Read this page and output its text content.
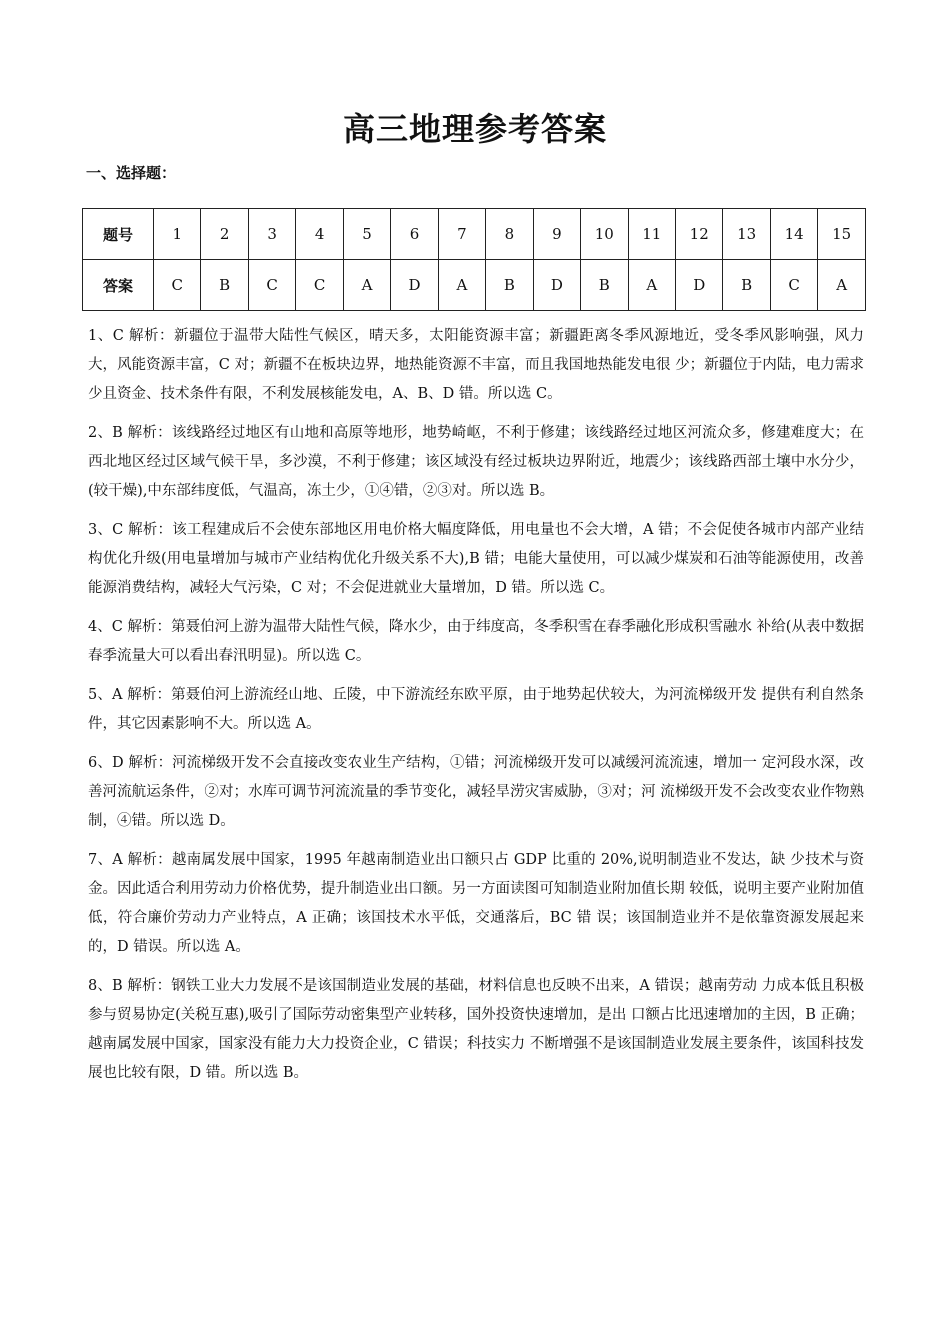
高三地理参考答案
一、选择题：
题号	1	2	3	4	5	6	7	8	9	10	11	12	13	14	15
答案	C	B	C	C	A	D	A	B	D	B	A	D	B	C	A

1、C 解析：新疆位于温带大陆性气候区，晴天多，太阳能资源丰富；新疆距离冬季风源地近，受冬季风影响强，风力大，风能资源丰富，C 对；新疆不在板块边界，地热能资源不丰富，而且我国地热能发电很 少；新疆位于内陆，电力需求少且资金、技术条件有限，不利发展核能发电，A、B、D 错。所以选 C。

2、B 解析：该线路经过地区有山地和高原等地形，地势崎岖，不利于修建；该线路经过地区河流众多，修建难度大；在西北地区经过区域气候干旱，多沙漠，不利于修建；该区域没有经过板块边界附近，地震少；该线路西部土壤中水分少，(较干燥),中东部纬度低，气温高，冻土少，①④错，②③对。所以选 B。

3、C 解析：该工程建成后不会使东部地区用电价格大幅度降低，用电量也不会大增，A 错；不会促使各城市内部产业结构优化升级(用电量增加与城市产业结构优化升级关系不大),B 错；电能大量使用，可以减少煤炭和石油等能源使用，改善能源消费结构，减轻大气污染，C 对；不会促进就业大量增加，D 错。所以选 C。

4、C 解析：第聂伯河上游为温带大陆性气候，降水少，由于纬度高，冬季积雪在春季融化形成积雪融水 补给(从表中数据春季流量大可以看出春汛明显)。所以选 C。

5、A 解析：第聂伯河上游流经山地、丘陵，中下游流经东欧平原，由于地势起伏较大，为河流梯级开发 提供有利自然条件，其它因素影响不大。所以选 A。

6、D 解析：河流梯级开发不会直接改变农业生产结构，①错；河流梯级开发可以减缓河流流速，增加一 定河段水深，改善河流航运条件，②对；水库可调节河流流量的季节变化，减轻旱涝灾害威胁，③对；河 流梯级开发不会改变农业作物熟制，④错。所以选 D。

7、A 解析：越南属发展中国家，1995 年越南制造业出口额只占 GDP 比重的 20%,说明制造业不发达，缺 少技术与资金。因此适合利用劳动力价格优势，提升制造业出口额。另一方面读图可知制造业附加值长期 较低，说明主要产业附加值低，符合廉价劳动力产业特点，A 正确；该国技术水平低，交通落后，BC 错 误；该国制造业并不是依靠资源发展起来的，D 错误。所以选 A。

8、B 解析：钢铁工业大力发展不是该国制造业发展的基础，材料信息也反映不出来，A 错误；越南劳动 力成本低且积极参与贸易协定(关税互惠),吸引了国际劳动密集型产业转移，国外投资快速增加，是出 口额占比迅速增加的主因，B 正确；越南属发展中国家，国家没有能力大力投资企业，C 错误；科技实力 不断增强不是该国制造业发展主要条件，该国科技发展也比较有限，D 错。所以选 B。
